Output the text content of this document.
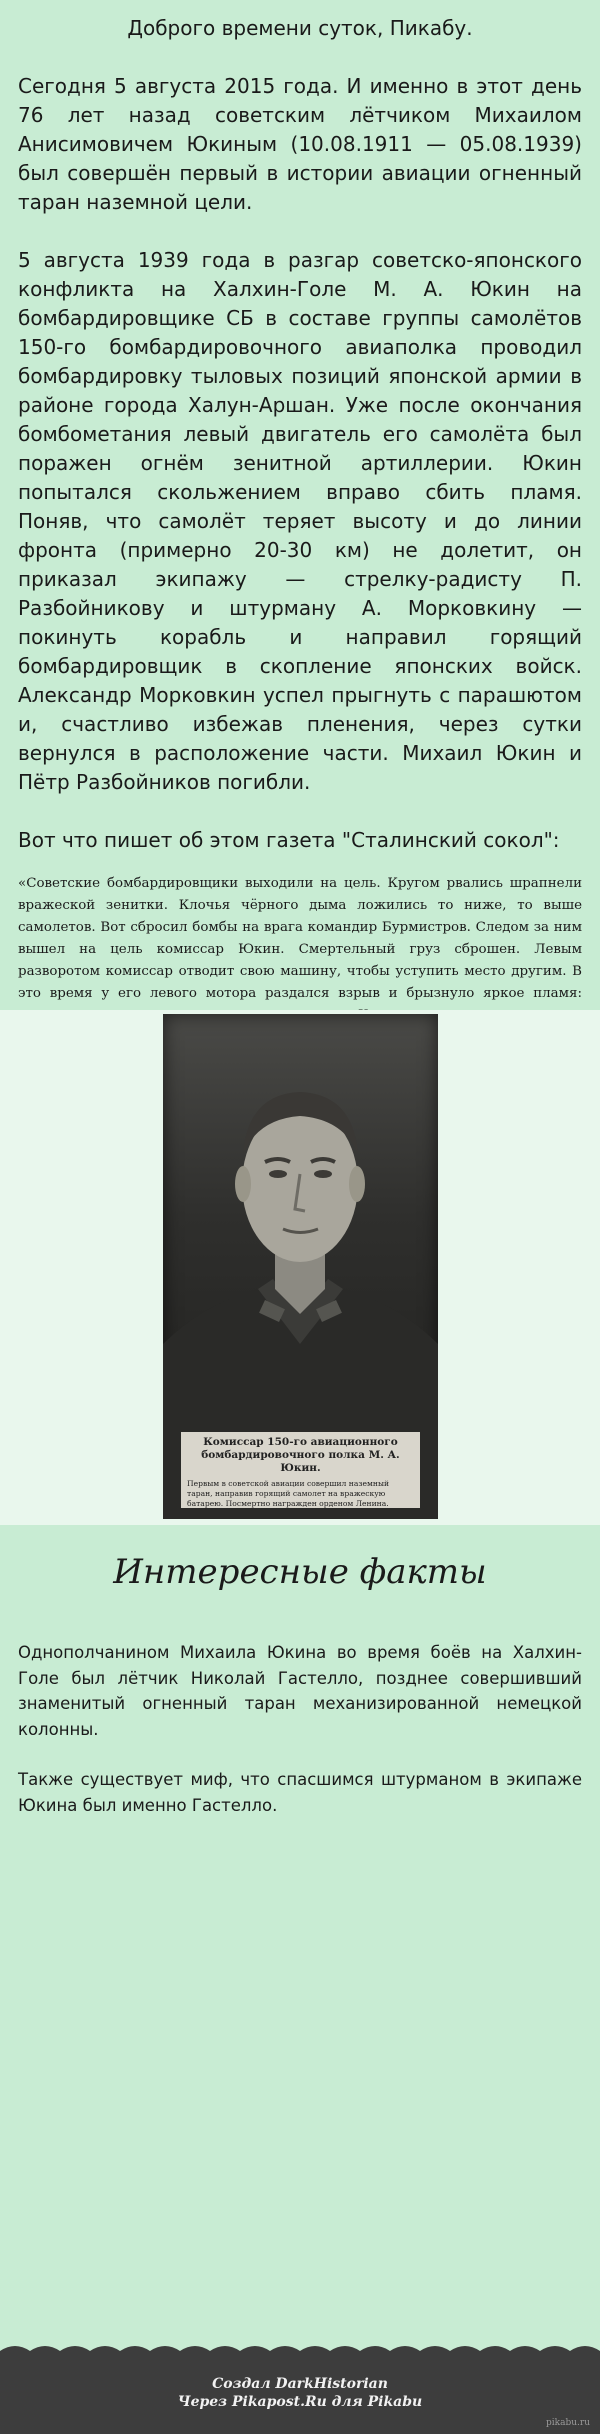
Доброго времени суток, Пикабу.

Сегодня 5 августа 2015 года. И именно в этот день 76 лет назад советским лётчиком Михаилом Анисимовичем Юкиным (10.08.1911 — 05.08.1939) был совершён первый в истории авиации огненный таран наземной цели.

5 августа 1939 года в разгар советско-японского конфликта на Халхин-Голе М. А. Юкин на бомбардировщике СБ в составе группы самолётов 150-го бомбардировочного авиаполка проводил бомбардировку тыловых позиций японской армии в районе города Халун-Аршан. Уже после окончания бомбометания левый двигатель его самолёта был поражен огнём зенитной артиллерии. Юкин попытался скольжением вправо сбить пламя. Поняв, что самолёт теряет высоту и до линии фронта (примерно 20-30 км) не долетит, он приказал экипажу — стрелку-радисту П. Разбойникову и штурману А. Морковкину — покинуть корабль и направил горящий бомбардировщик в скопление японских войск. Александр Морковкин успел прыгнуть с парашютом и, счастливо избежав пленения, через сутки вернулся в расположение части. Михаил Юкин и Пётр Разбойников погибли.

Вот что пишет об этом газета "Сталинский сокол":

«Советские бомбардировщики выходили на цель. Кругом рвались шрапнели вражеской зенитки. Клочья чёрного дыма ложились то ниже, то выше самолетов. Вот сбросил бомбы на врага командир Бурмистров. Следом за ним вышел на цель комиссар Юкин. Смертельный груз сброшен. Левым разворотом комиссар отводит свою машину, чтобы уступить место другим. В это время у его левого мотора раздался взрыв и брызнуло яркое пламя:

Комиссар 150-го авиационного бомбардировочного полка М. А. Юкин.
Первым в советской авиации совершил наземный таран, направив горящий самолет на вражескую батарею. Посмертно награжден орденом Ленина.
Интересные факты

Однополчанином Михаила Юкина во время боёв на Халхин-Голе был лётчик Николай Гастелло, позднее совершивший знаменитый огненный таран механизированной немецкой колонны.

Также существует миф, что спасшимся штурманом в экипаже Юкина был именно Гастелло.

Создал DarkHistorian
Через Pikapost.Ru для Pikabu
pikabu.ru
